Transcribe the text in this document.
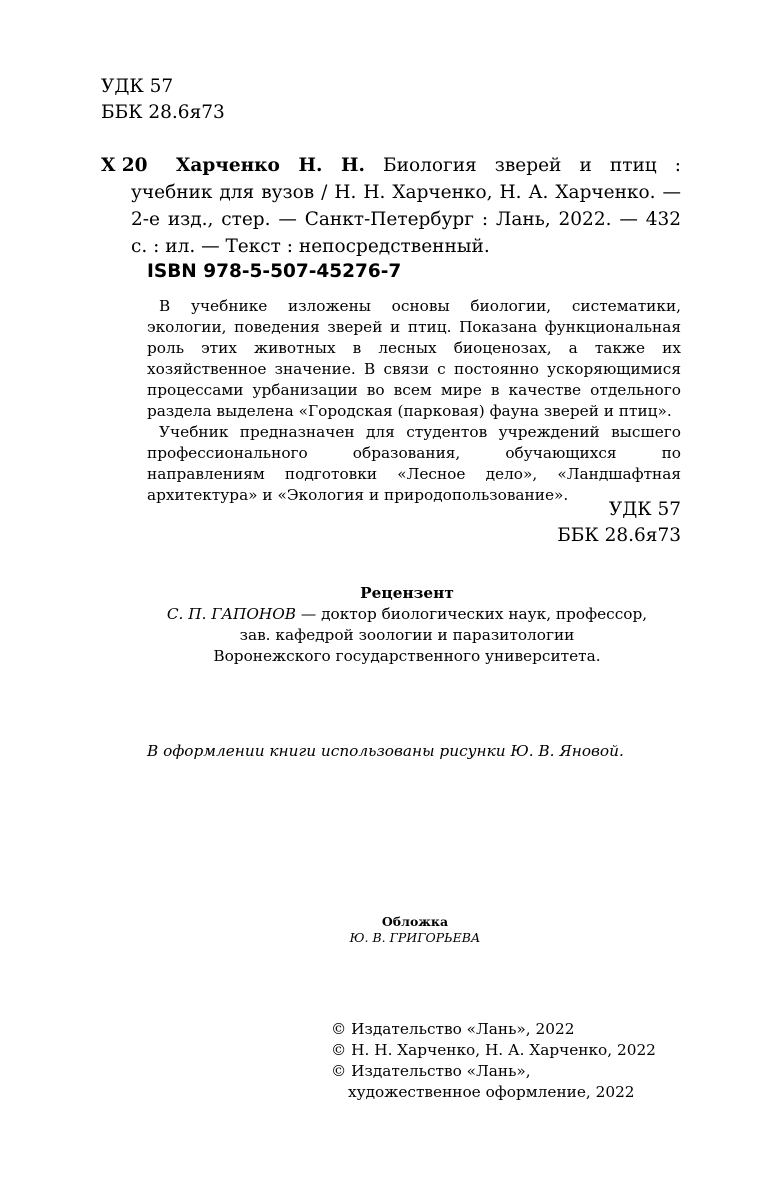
УДК 57
ББК 28.6я73
Х 20	Харченко Н. Н. Биология зверей и птиц : учебник для вузов / Н. Н. Харченко, Н. А. Харченко. — 2-е изд., стер. — Санкт-Петербург : Лань, 2022. — 432 с. : ил. — Текст : непосредственный.
ISBN 978-5-507-45276-7

В учебнике изложены основы биологии, систематики, экологии, поведения зверей и птиц. Показана функциональная роль этих животных в лесных биоценозах, а также их хозяйственное значение. В связи с постоянно ускоряющимися процессами урбанизации во всем мире в качестве отдельного раздела выделена «Городская (парковая) фауна зверей и птиц».

Учебник предназначен для студентов учреждений высшего профессионального образования, обучающихся по направлениям подготовки «Лесное дело», «Ландшафтная архитектура» и «Экология и природопользование».

УДК 57
ББК 28.6я73
Рецензент
С. П. ГАПОНОВ — доктор биологических наук, профессор,
зав. кафедрой зоологии и паразитологии
Воронежского государственного университета.
В оформлении книги использованы рисунки Ю. В. Яновой.
Обложка
Ю. В. ГРИГОРЬЕВА
© Издательство «Лань», 2022
© Н. Н. Харченко, Н. А. Харченко, 2022
© Издательство «Лань»,
художественное оформление, 2022
